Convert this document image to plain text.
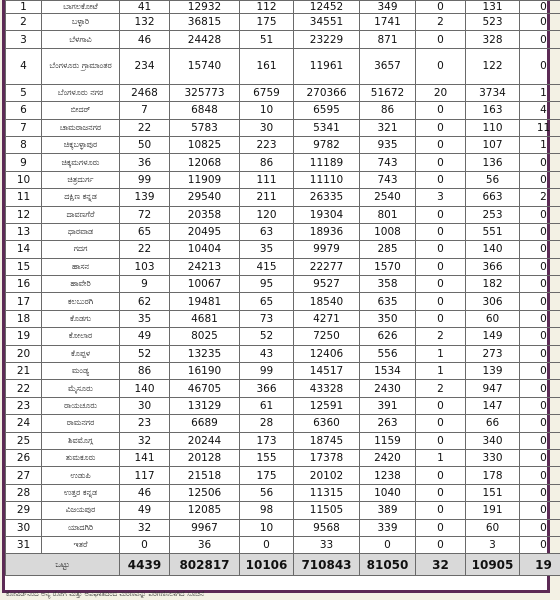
1	ಬಾಗಲಕೋಟೆ	41	12932	112	12452	349	0	131	0
2	ಬಳ್ಳಾರಿ	132	36815	175	34551	1741	2	523	0
3	ಬೆಳಗಾವಿ	46	24428	51	23229	871	0	328	0
4	ಬೆಂಗಳೂರು ಗ್ರಾಮಾಂತರ	234	15740	161	11961	3657	0	122	0
5	ಬೆಂಗಳೂರು ನಗರ	2468	325773	6759	270366	51672	20	3734	1
6	ಬೀದರ್	7	6848	10	6595	86	0	163	4
7	ಚಾಮರಾಜನಗರ	22	5783	30	5341	321	0	110	11
8	ಚಿಕ್ಕಬಳ್ಳಾಪುರ	50	10825	223	9782	935	0	107	1
9	ಚಿಕ್ಕಮಗಳೂರು	36	12068	86	11189	743	0	136	0
10	ಚಿತ್ರದುರ್ಗ	99	11909	111	11110	743	0	56	0
11	ದಕ್ಷಿಣ ಕನ್ನಡ	139	29540	211	26335	2540	3	663	2
12	ದಾವಣಗೆರೆ	72	20358	120	19304	801	0	253	0
13	ಧಾರವಾಡ	65	20495	63	18936	1008	0	551	0
14	ಗದಗ	22	10404	35	9979	285	0	140	0
15	ಹಾಸನ	103	24213	415	22277	1570	0	366	0
16	ಹಾವೇರಿ	9	10067	95	9527	358	0	182	0
17	ಕಲಬುರಗಿ	62	19481	65	18540	635	0	306	0
18	ಕೊಡಗು	35	4681	73	4271	350	0	60	0
19	ಕೋಲಾರ	49	8025	52	7250	626	2	149	0
20	ಕೊಪ್ಪಳ	52	13235	43	12406	556	1	273	0
21	ಮಂಡ್ಯ	86	16190	99	14517	1534	1	139	0
22	ಮೈಸೂರು	140	46705	366	43328	2430	2	947	0
23	ರಾಯಚೂರು	30	13129	61	12591	391	0	147	0
24	ರಾಮನಗರ	23	6689	28	6360	263	0	66	0
25	ಶಿವಮೊಗ್ಗ	32	20244	173	18745	1159	0	340	0
26	ತುಮಕೂರು	141	20128	155	17378	2420	1	330	0
27	ಉಡುಪಿ	117	21518	175	20102	1238	0	178	0
28	ಉತ್ತರ ಕನ್ನಡ	46	12506	56	11315	1040	0	151	0
29	ವಿಜಯಪುರ	49	12085	98	11505	389	0	191	0
30	ಯಾದಗಿರಿ	32	9967	10	9568	339	0	60	0
31	ಇತರೆ	0	36	0	33	0	0	3	0
ಒಟ್ಟು		4439	802817	10106	710843	81050	32	10905	19
ಕೋವಿಡ್‌ನಿಂದ ಅನ್ಯ ರೋಗ ಮತ್ತು ಅಪಘಾತದಿಂದ ಮರಣವನ್ನು ಪರಿಗಣಿಸಲಾಗಿದೆ ಸೂಚನೆ
